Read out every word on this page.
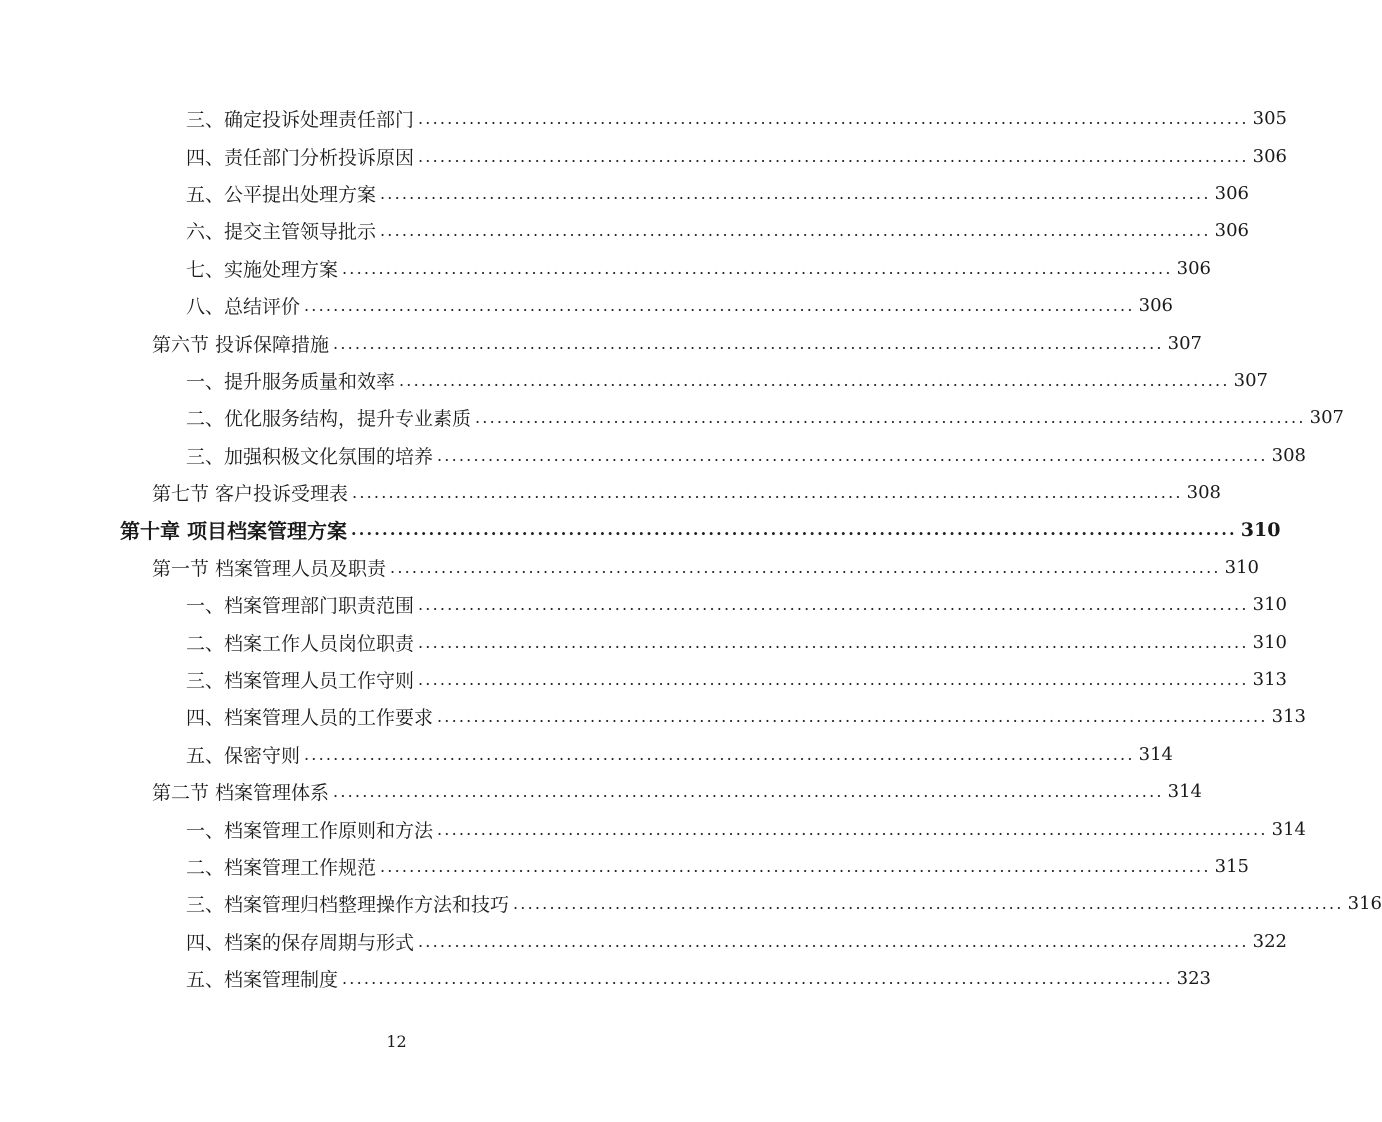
三、确定投诉处理责任部门 .................................................................................................................. 305
四、责任部门分析投诉原因 .................................................................................................................. 306
五、公平提出处理方案 .................................................................................................................. 306
六、提交主管领导批示 .................................................................................................................. 306
七、实施处理方案 .................................................................................................................. 306
八、总结评价 .................................................................................................................. 306
第六节 投诉保障措施 .................................................................................................................. 307
一、提升服务质量和效率 .................................................................................................................. 307
二、优化服务结构，提升专业素质 .................................................................................................................. 307
三、加强积极文化氛围的培养 .................................................................................................................. 308
第七节 客户投诉受理表 .................................................................................................................. 308
第十章 项目档案管理方案 .................................................................................................................. 310
第一节 档案管理人员及职责 .................................................................................................................. 310
一、档案管理部门职责范围 .................................................................................................................. 310
二、档案工作人员岗位职责 .................................................................................................................. 310
三、档案管理人员工作守则 .................................................................................................................. 313
四、档案管理人员的工作要求 .................................................................................................................. 313
五、保密守则 .................................................................................................................. 314
第二节 档案管理体系 .................................................................................................................. 314
一、档案管理工作原则和方法 .................................................................................................................. 314
二、档案管理工作规范 .................................................................................................................. 315
三、档案管理归档整理操作方法和技巧 .................................................................................................................. 316
四、档案的保存周期与形式 .................................................................................................................. 322
五、档案管理制度 .................................................................................................................. 323
12
